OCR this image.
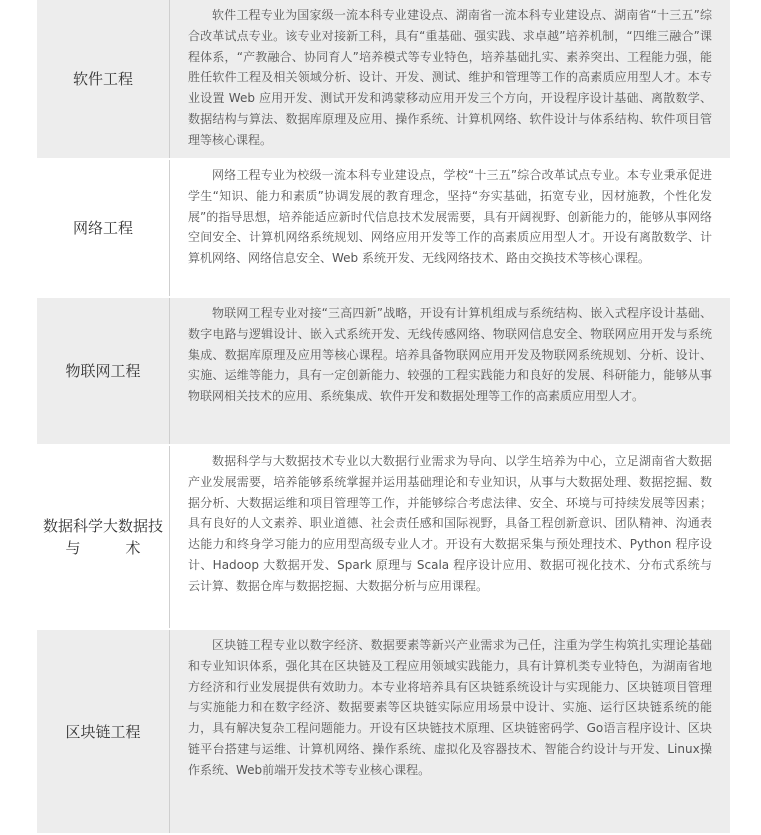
软件工程
软件工程专业为国家级一流本科专业建设点、湖南省一流本科专业建设点、湖南省“十三五”综合改革试点专业。该专业对接新工科，具有“重基础、强实践、求卓越”培养机制，“四维三融合”课程体系，“产教融合、协同育人”培养模式等专业特色，培养基础扎实、素养突出、工程能力强，能胜任软件工程及相关领域分析、设计、开发、测试、维护和管理等工作的高素质应用型人才。本专业设置 Web 应用开发、测试开发和鸿蒙移动应用开发三个方向，开设程序设计基础、离散数学、数据结构与算法、数据库原理及应用、操作系统、计算机网络、软件设计与体系结构、软件项目管理等核心课程。
网络工程
网络工程专业为校级一流本科专业建设点，学校“十三五”综合改革试点专业。本专业秉承促进学生“知识、能力和素质”协调发展的教育理念，坚持“夯实基础，拓宽专业，因材施教，个性化发展”的指导思想，培养能适应新时代信息技术发展需要，具有开阔视野、创新能力的，能够从事网络空间安全、计算机网络系统规划、网络应用开发等工作的高素质应用型人才。开设有离散数学、计算机网络、网络信息安全、Web 系统开发、无线网络技术、路由交换技术等核心课程。
物联网工程
物联网工程专业对接“三高四新”战略，开设有计算机组成与系统结构、嵌入式程序设计基础、数字电路与逻辑设计、嵌入式系统开发、无线传感网络、物联网信息安全、物联网应用开发与系统集成、数据库原理及应用等核心课程。培养具备物联网应用开发及物联网系统规划、分析、设计、实施、运维等能力，具有一定创新能力、较强的工程实践能力和良好的发展、科研能力，能够从事物联网相关技术的应用、系统集成、软件开发和数据处理等工作的高素质应用型人才。
数据科学与
大数据技术
数据科学与大数据技术专业以大数据行业需求为导向、以学生培养为中心，立足湖南省大数据产业发展需要，培养能够系统掌握并运用基础理论和专业知识，从事与大数据处理、数据挖掘、数据分析、大数据运维和项目管理等工作，并能够综合考虑法律、安全、环境与可持续发展等因素；具有良好的人文素养、职业道德、社会责任感和国际视野，具备工程创新意识、团队精神、沟通表达能力和终身学习能力的应用型高级专业人才。开设有大数据采集与预处理技术、Python 程序设计、Hadoop 大数据开发、Spark 原理与 Scala 程序设计应用、数据可视化技术、分布式系统与云计算、数据仓库与数据挖掘、大数据分析与应用课程。
区块链工程
区块链工程专业以数字经济、数据要素等新兴产业需求为己任，注重为学生构筑扎实理论基础和专业知识体系，强化其在区块链及工程应用领域实践能力，具有计算机类专业特色，为湖南省地方经济和行业发展提供有效助力。本专业将培养具有区块链系统设计与实现能力、区块链项目管理与实施能力和在数字经济、数据要素等区块链实际应用场景中设计、实施、运行区块链系统的能力，具有解决复杂工程问题能力。开设有区块链技术原理、区块链密码学、Go语言程序设计、区块链平台搭建与运维、计算机网络、操作系统、虚拟化及容器技术、智能合约设计与开发、Linux操作系统、Web前端开发技术等专业核心课程。
